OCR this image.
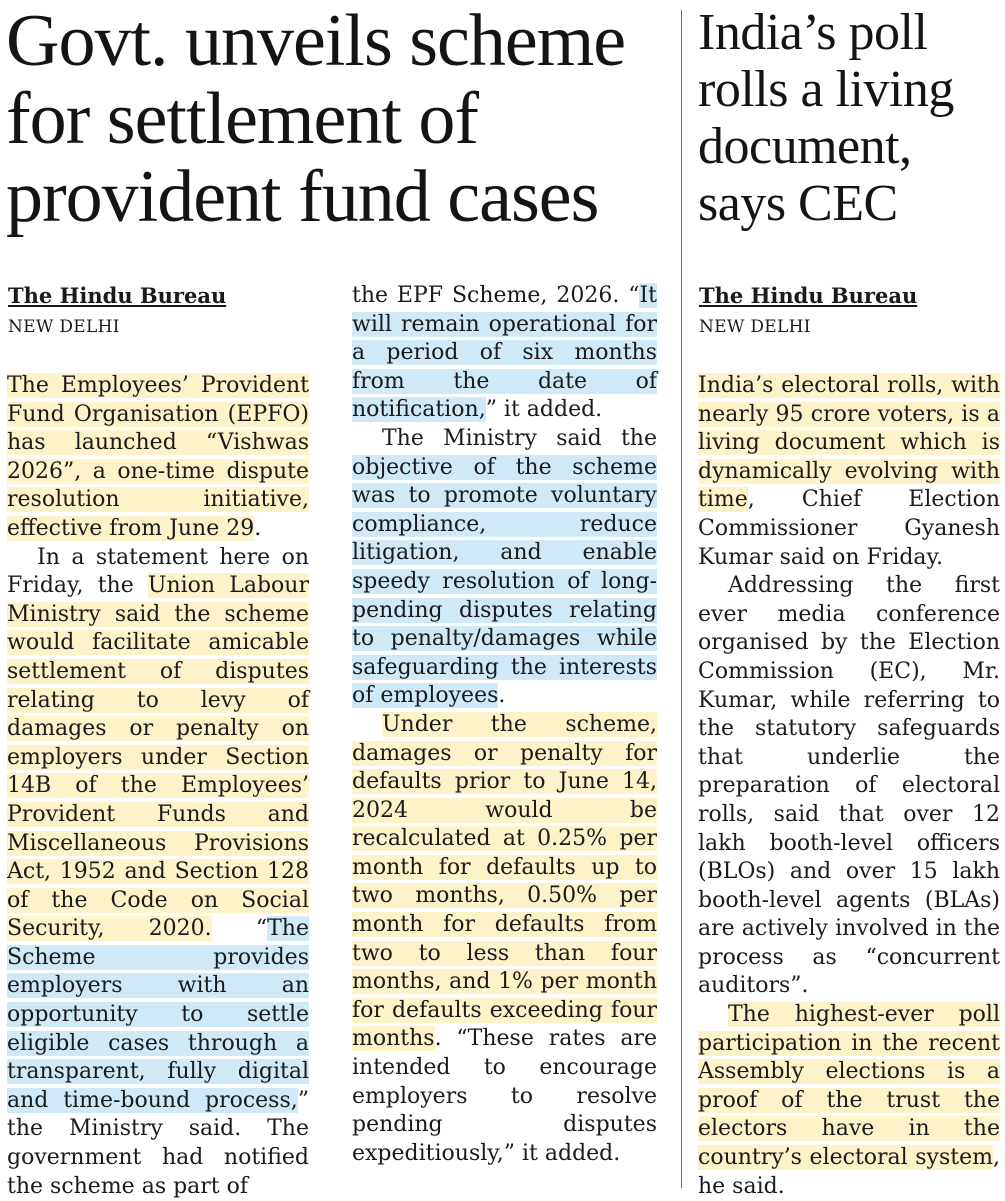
Govt. unveils scheme for settlement of provident fund cases
The Hindu Bureau
NEW DELHI

The Employees’ Provident Fund Organisation (EPFO) has launched “Vishwas 2026”, a one-time dispute resolution initiative, effective from June 29.

In a statement here on Friday, the Union Labour Ministry said the scheme would facilitate amicable settlement of disputes relating to levy of damages or penalty on employers under Section 14B of the Employees’ Provident Funds and Miscellaneous Provisions Act, 1952 and Section 128 of the Code on Social Security, 2020. “The Scheme provides employers with an opportunity to settle eligible cases through a transparent, fully digital and time-bound process,” the Ministry said. The government had notified the scheme as part of

the EPF Scheme, 2026. “It will remain operational for a period of six months from the date of notification,” it added.

The Ministry said the objective of the scheme was to promote voluntary compliance, reduce litigation, and enable speedy resolution of long-pending disputes relating to penalty/damages while safeguarding the interests of employees.

Under the scheme, damages or penalty for defaults prior to June 14, 2024 would be recalculated at 0.25% per month for defaults up to two months, 0.50% per month for defaults from two to less than four months, and 1% per month for defaults exceeding four months. “These rates are intended to encourage employers to resolve pending disputes expeditiously,” it added.

India’s poll rolls a living document, says CEC
The Hindu Bureau
NEW DELHI

India’s electoral rolls, with nearly 95 crore voters, is a living document which is dynamically evolving with time, Chief Election Commissioner Gyanesh Kumar said on Friday.

Addressing the first ever media conference organised by the Election Commission (EC), Mr. Kumar, while referring to the statutory safeguards that underlie the preparation of electoral rolls, said that over 12 lakh booth-level officers (BLOs) and over 15 lakh booth-level agents (BLAs) are actively involved in the process as “concurrent auditors”.

The highest-ever poll participation in the recent Assembly elections is a proof of the trust the electors have in the country’s electoral system, he said.
